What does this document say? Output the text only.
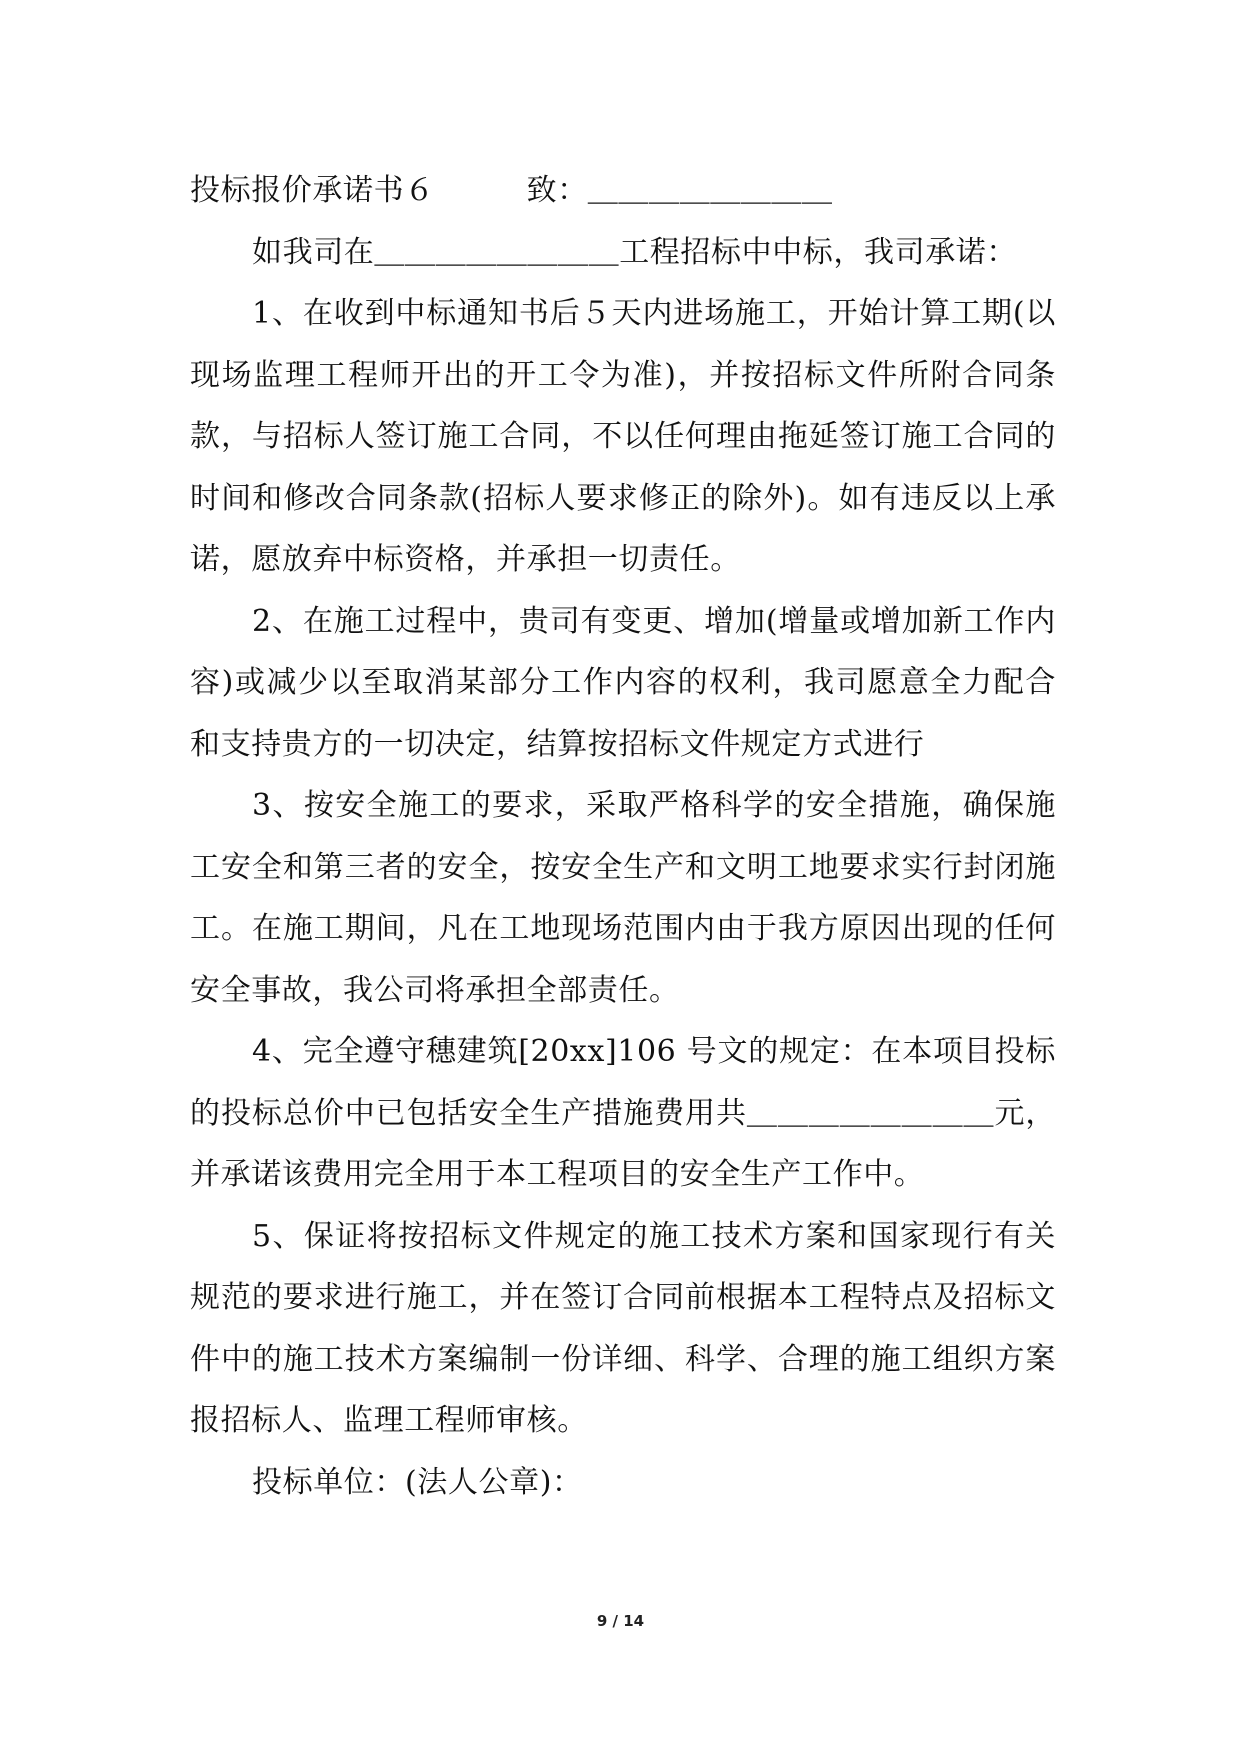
投标报价承诺书６　　　致：＿＿＿＿＿＿＿＿

如我司在＿＿＿＿＿＿＿＿工程招标中中标，我司承诺：

1、在收到中标通知书后５天内进场施工，开始计算工期(以现场监理工程师开出的开工令为准)，并按招标文件所附合同条款，与招标人签订施工合同，不以任何理由拖延签订施工合同的时间和修改合同条款(招标人要求修正的除外)。如有违反以上承诺，愿放弃中标资格，并承担一切责任。

2、在施工过程中，贵司有变更、增加(增量或增加新工作内容)或减少以至取消某部分工作内容的权利，我司愿意全力配合和支持贵方的一切决定，结算按招标文件规定方式进行

3、按安全施工的要求，采取严格科学的安全措施，确保施工安全和第三者的安全，按安全生产和文明工地要求实行封闭施工。在施工期间，凡在工地现场范围内由于我方原因出现的任何安全事故，我公司将承担全部责任。

4、完全遵守穗建筑[20xx]106 号文的规定：在本项目投标的投标总价中已包括安全生产措施费用共＿＿＿＿＿＿＿＿元，并承诺该费用完全用于本工程项目的安全生产工作中。

5、保证将按招标文件规定的施工技术方案和国家现行有关规范的要求进行施工，并在签订合同前根据本工程特点及招标文件中的施工技术方案编制一份详细、科学、合理的施工组织方案报招标人、监理工程师审核。

投标单位：(法人公章)：

9 / 14
